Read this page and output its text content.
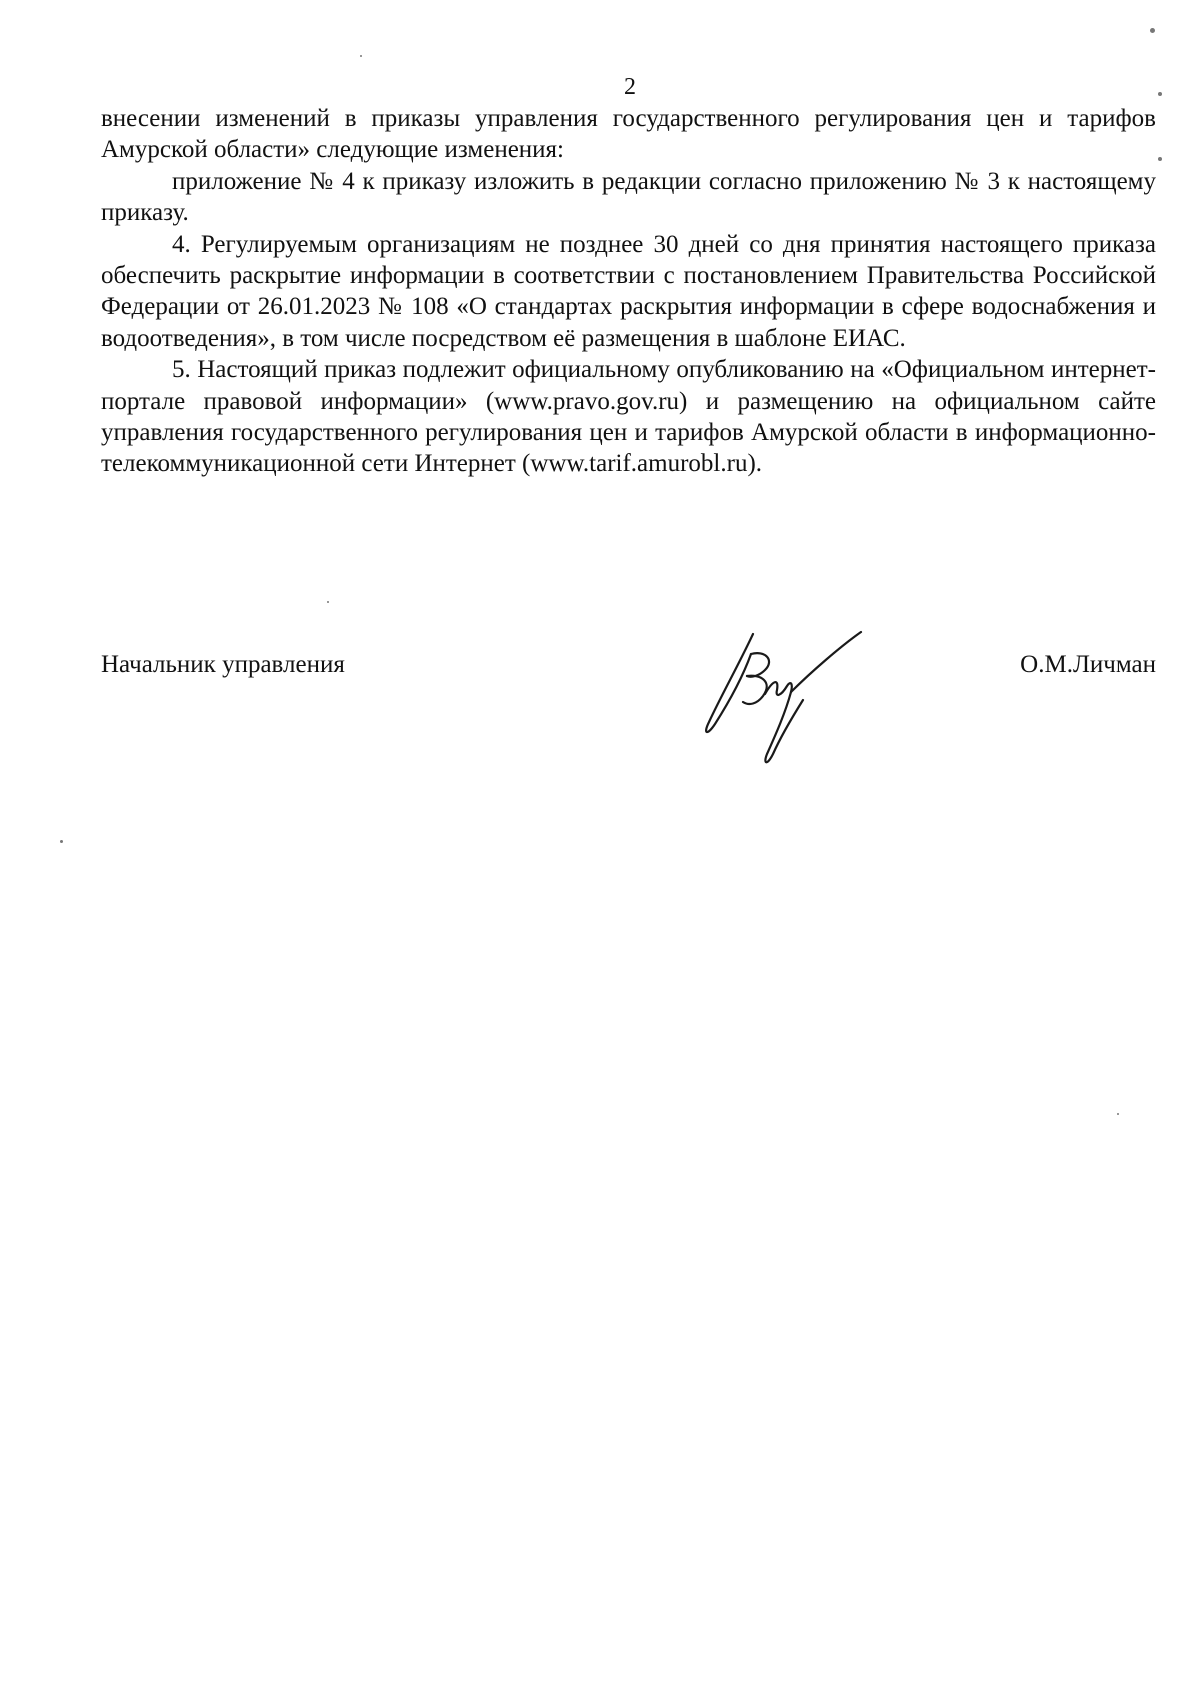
2

внесении изменений в приказы управления государственного регулирования цен и тарифов Амурской области» следующие изменения:

приложение № 4 к приказу изложить в редакции согласно приложению № 3 к настоящему приказу.

4. Регулируемым организациям не позднее 30 дней со дня принятия настоящего приказа обеспечить раскрытие информации в соответствии с постановлением Правительства Российской Федерации от 26.01.2023 № 108 «О стандартах раскрытия информации в сфере водоснабжения и водоотведения», в том числе посредством её размещения в шаблоне ЕИАС.

5. Настоящий приказ подлежит официальному опубликованию на «Официальном интернет-портале правовой информации» (www.pravo.gov.ru) и размещению на официальном сайте управления государственного регулирования цен и тарифов Амурской области в информационно-телекоммуникационной сети Интернет (www.tarif.amurobl.ru).

Начальник управления	О.М.Личман
